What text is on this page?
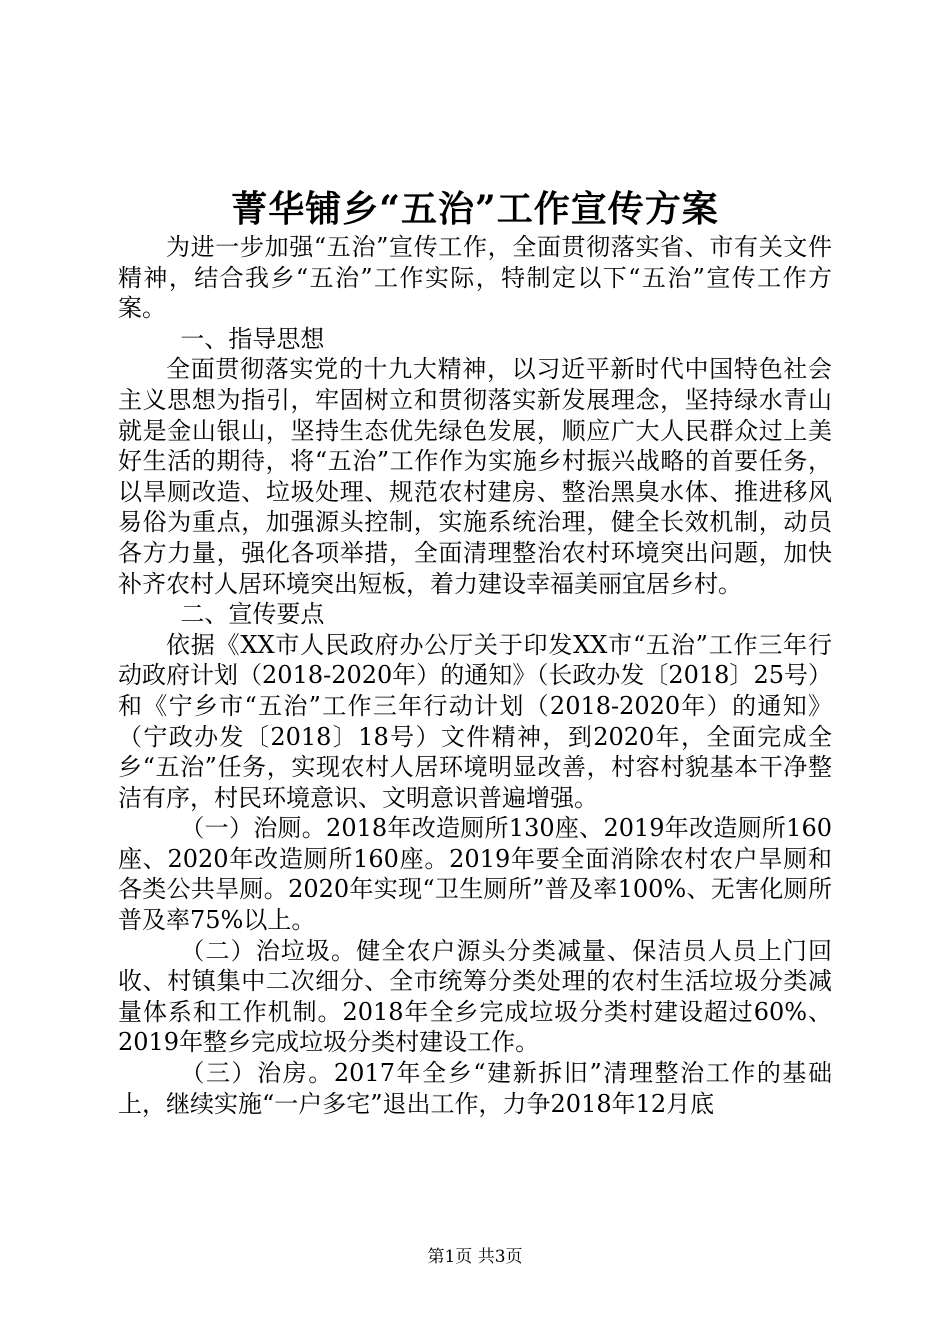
菁华铺乡“五治”工作宣传方案

为进一步加强“五治”宣传工作，全面贯彻落实省、市有关文件精神，结合我乡“五治”工作实际，特制定以下“五治”宣传工作方案。

一、指导思想

全面贯彻落实党的十九大精神，以习近平新时代中国特色社会主义思想为指引，牢固树立和贯彻落实新发展理念，坚持绿水青山就是金山银山，坚持生态优先绿色发展，顺应广大人民群众过上美好生活的期待，将“五治”工作作为实施乡村振兴战略的首要任务，以旱厕改造、垃圾处理、规范农村建房、整治黑臭水体、推进移风易俗为重点，加强源头控制，实施系统治理，健全长效机制，动员各方力量，强化各项举措，全面清理整治农村环境突出问题，加快补齐农村人居环境突出短板，着力建设幸福美丽宜居乡村。

二、宣传要点

依据《XX市人民政府办公厅关于印发XX市“五治”工作三年行动政府计划（2018-2020年）的通知》（长政办发〔2018〕25号）和《宁乡市“五治”工作三年行动计划（2018-2020年）的通知》（宁政办发〔2018〕18号）文件精神，到2020年，全面完成全乡“五治”任务，实现农村人居环境明显改善，村容村貌基本干净整洁有序，村民环境意识、文明意识普遍增强。

（一）治厕。2018年改造厕所130座、2019年改造厕所160座、2020年改造厕所160座。2019年要全面消除农村农户旱厕和各类公共旱厕。2020年实现“卫生厕所”普及率100%、无害化厕所普及率75%以上。

（二）治垃圾。健全农户源头分类减量、保洁员人员上门回收、村镇集中二次细分、全市统筹分类处理的农村生活垃圾分类减量体系和工作机制。2018年全乡完成垃圾分类村建设超过60%、2019年整乡完成垃圾分类村建设工作。

（三）治房。2017年全乡“建新拆旧”清理整治工作的基础上，继续实施“一户多宅”退出工作，力争2018年12月底

第1页 共3页
